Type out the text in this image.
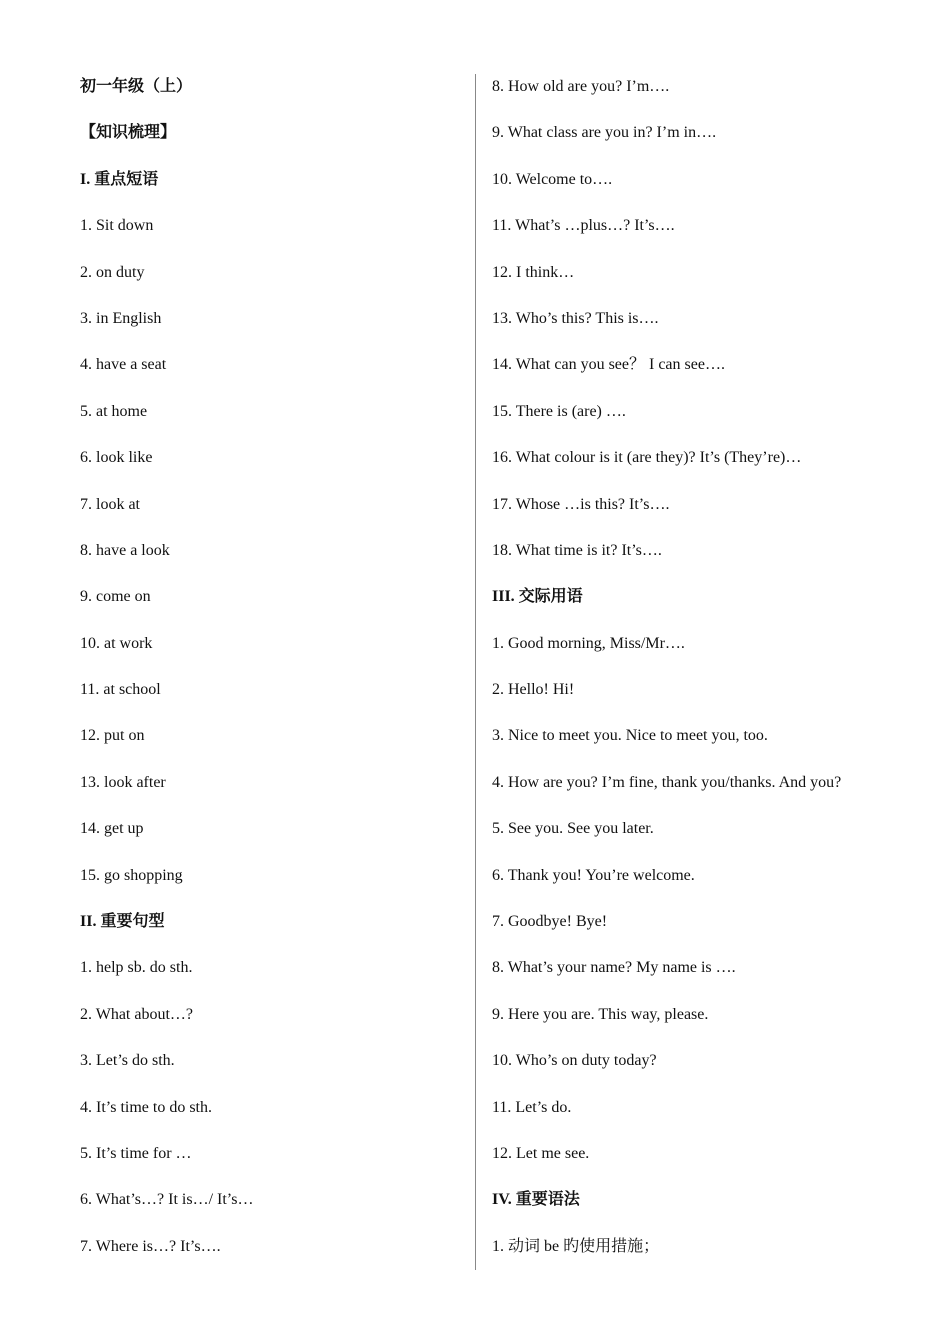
初一年级（上）
【知识梳理】
I. 重点短语
1. Sit down
2. on duty
3. in English
4. have a seat
5. at home
6. look like
7. look at
8. have a look
9. come on
10. at work
11. at school
12. put on
13. look after
14. get up
15. go shopping
II. 重要句型
1. help sb. do sth.
2. What about…?
3. Let’s do sth.
4. It’s time to do sth.
5. It’s time for …
6. What’s…? It is…/ It’s…
7. Where is…? It’s….
8. How old are you? I’m….
9. What class are you in? I’m in….
10. Welcome to….
11. What’s …plus…? It’s….
12. I think…
13. Who’s this? This is….
14. What can you see？ I can see….
15. There is (are) ….
16. What colour is it (are they)? It’s (They’re)…
17. Whose …is this? It’s….
18. What time is it? It’s….
III. 交际用语
1. Good morning, Miss/Mr….
2. Hello! Hi!
3. Nice to meet you. Nice to meet you, too.
4. How are you? I’m fine, thank you/thanks. And you?
5. See you. See you later.
6. Thank you! You’re welcome.
7. Goodbye! Bye!
8. What’s your name? My name is ….
9. Here you are. This way, please.
10. Who’s on duty today?
11. Let’s do.
12. Let me see.
IV. 重要语法
1. 动词 be 旳使用措施；
